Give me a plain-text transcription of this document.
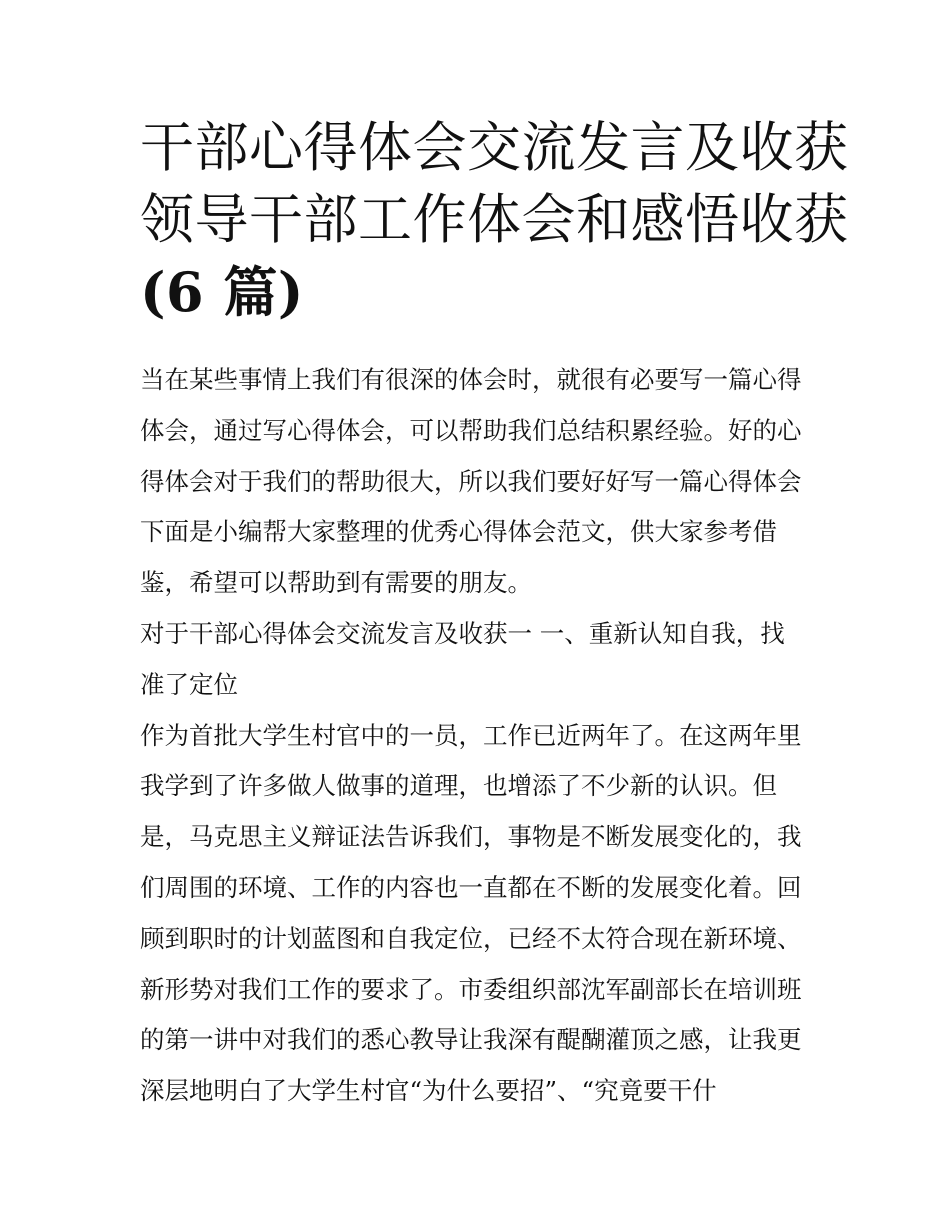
干部心得体会交流发言及收获
领导干部工作体会和感悟收获
(6 篇)
当在某些事情上我们有很深的体会时，就很有必要写一篇心得
体会，通过写心得体会，可以帮助我们总结积累经验。好的心
得体会对于我们的帮助很大，所以我们要好好写一篇心得体会
下面是小编帮大家整理的优秀心得体会范文，供大家参考借
鉴，希望可以帮助到有需要的朋友。
对于干部心得体会交流发言及收获一 一、重新认知自我，找
准了定位
作为首批大学生村官中的一员，工作已近两年了。在这两年里
我学到了许多做人做事的道理，也增添了不少新的认识。但
是，马克思主义辩证法告诉我们，事物是不断发展变化的，我
们周围的环境、工作的内容也一直都在不断的发展变化着。回
顾到职时的计划蓝图和自我定位，已经不太符合现在新环境、
新形势对我们工作的要求了。市委组织部沈军副部长在培训班
的第一讲中对我们的悉心教导让我深有醍醐灌顶之感，让我更
深层地明白了大学生村官“为什么要招”、“究竟要干什
